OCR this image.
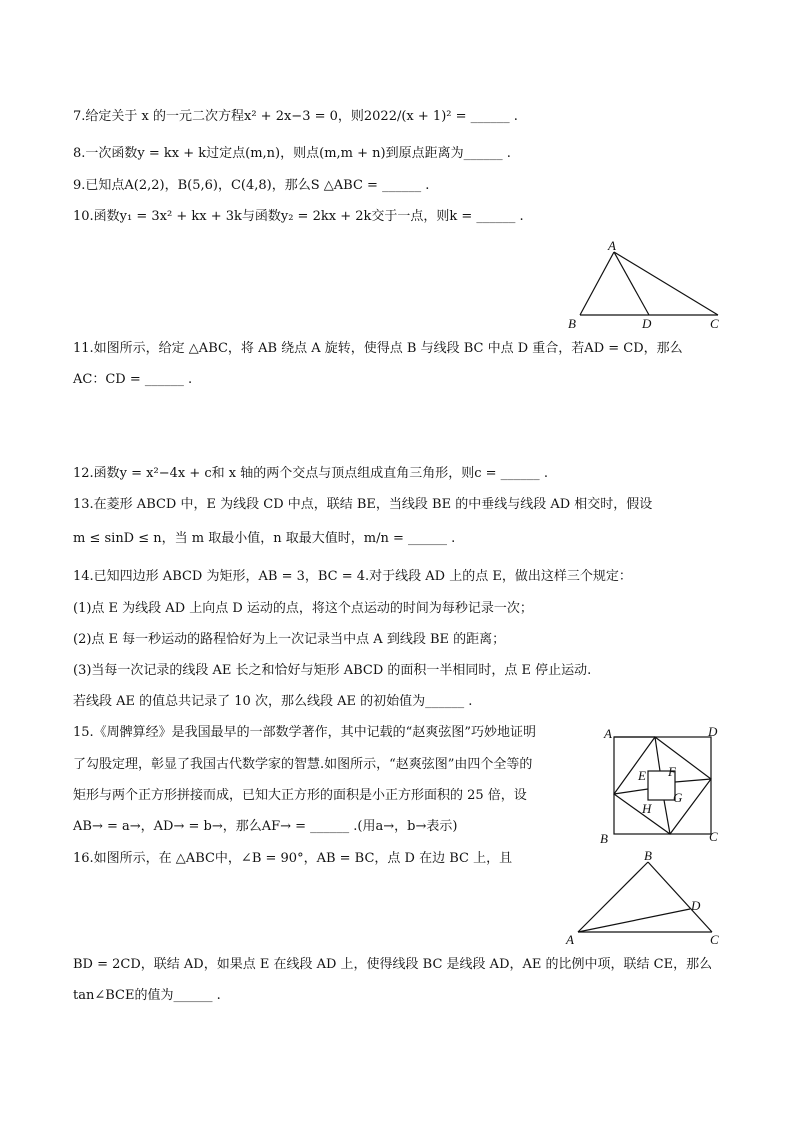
7.给定关于 x 的一元二次方程x² + 2x−3 = 0，则2022/(x + 1)² = ______ .
8.一次函数y = kx + k过定点(m,n)，则点(m,m + n)到原点距离为______ .
9.已知点A(2,2)，B(5,6)，C(4,8)，那么S △ABC = ______ .
10.函数y₁ = 3x² + kx + 3k与函数y₂ = 2kx + 2k交于一点，则k = ______ .
A
B	D	C
11.如图所示，给定 △ABC，将 AB 绕点 A 旋转，使得点 B 与线段 BC 中点 D 重合，若AD = CD，那么
AC：CD = ______ .
12.函数y = x²−4x + c和 x 轴的两个交点与顶点组成直角三角形，则c = ______ .
13.在菱形 ABCD 中，E 为线段 CD 中点，联结 BE，当线段 BE 的中垂线与线段 AD 相交时，假设
m ≤ sinD ≤ n，当 m 取最小值，n 取最大值时，m/n = ______ .
14.已知四边形 ABCD 为矩形，AB = 3，BC = 4.对于线段 AD 上的点 E，做出这样三个规定：
(1)点 E 为线段 AD 上向点 D 运动的点，将这个点运动的时间为每秒记录一次；
(2)点 E 每一秒运动的路程恰好为上一次记录当中点 A 到线段 BE 的距离；
(3)当每一次记录的线段 AE 长之和恰好与矩形 ABCD 的面积一半相同时，点 E 停止运动.
若线段 AE 的值总共记录了 10 次，那么线段 AE 的初始值为______ .
15.《周髀算经》是我国最早的一部数学著作，其中记载的“赵爽弦图”巧妙地证明
了勾股定理，彰显了我国古代数学家的智慧.如图所示，“赵爽弦图”由四个全等的
矩形与两个正方形拼接而成，已知大正方形的面积是小正方形面积的 25 倍，设
AB→ = a→，AD→ = b→，那么AF→ = ______ .(用a→，b→表示)
A	D
E F
G
H
B	C
16.如图所示，在 △ABC中，∠B = 90°，AB = BC，点 D 在边 BC 上，且	B
D
A	C
BD = 2CD，联结 AD，如果点 E 在线段 AD 上，使得线段 BC 是线段 AD，AE 的比例中项，联结 CE，那么
tan∠BCE的值为______ .
